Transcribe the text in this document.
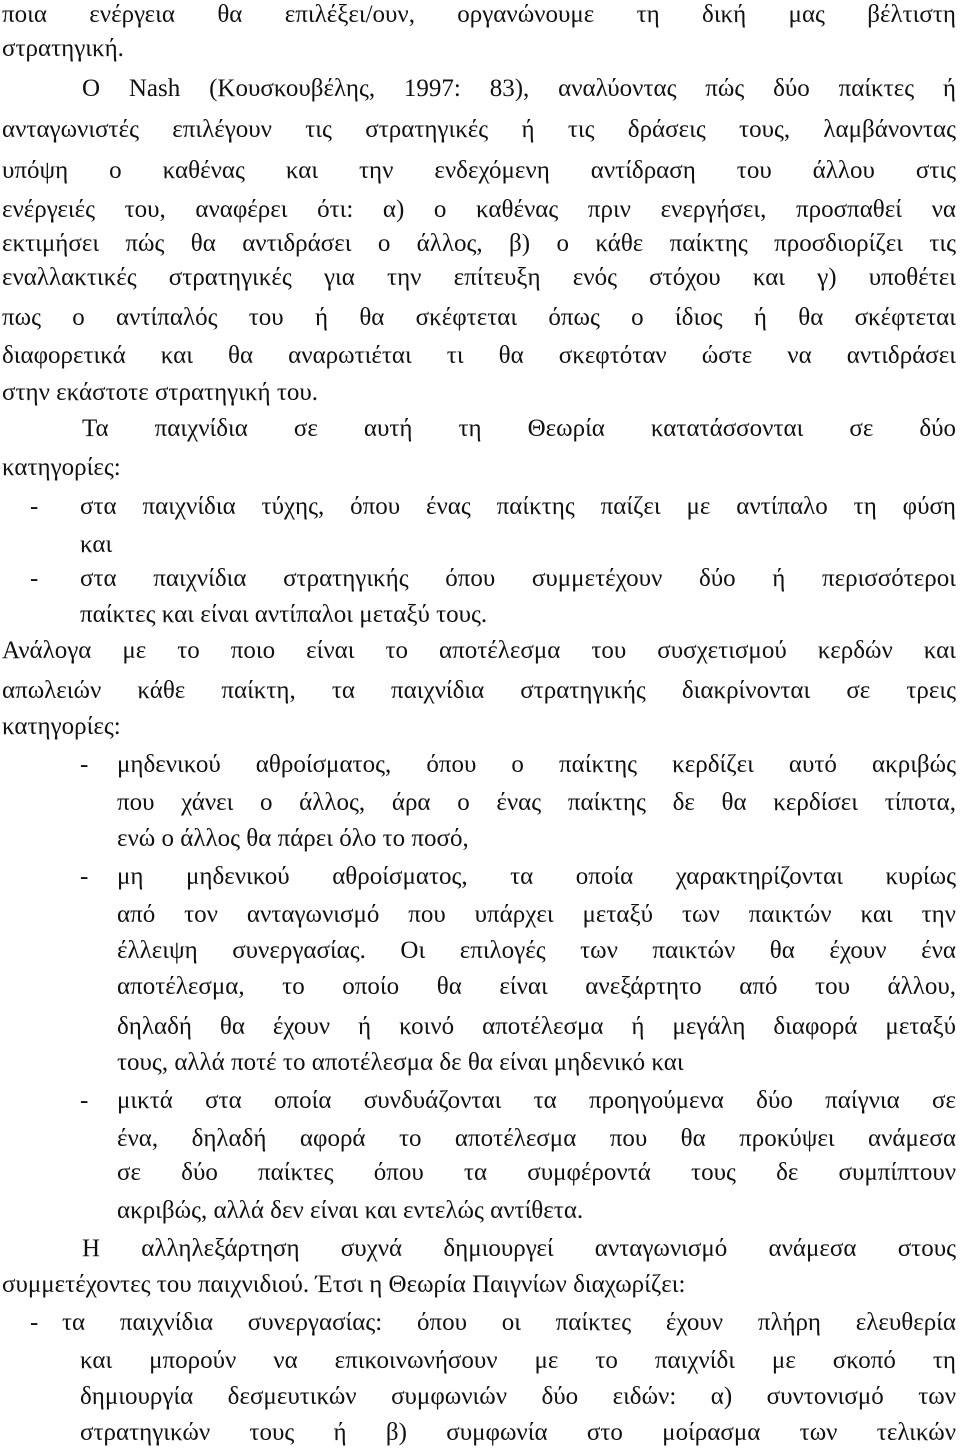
ποια ενέργεια θα επιλέξει/ουν, οργανώνουμε τη δική μας βέλτιστη
στρατηγική.
Ο Nash (Κουσκουβέλης, 1997: 83), αναλύοντας πώς δύο παίκτες ή
ανταγωνιστές επιλέγουν τις στρατηγικές ή τις δράσεις τους, λαμβάνοντας
υπόψη ο καθένας και την ενδεχόμενη αντίδραση του άλλου στις
ενέργειές του, αναφέρει ότι: α) ο καθένας πριν ενεργήσει, προσπαθεί να
εκτιμήσει πώς θα αντιδράσει ο άλλος, β) ο κάθε παίκτης προσδιορίζει τις
εναλλακτικές στρατηγικές για την επίτευξη ενός στόχου και γ) υποθέτει
πως ο αντίπαλός του ή θα σκέφτεται όπως ο ίδιος ή θα σκέφτεται
διαφορετικά και θα αναρωτιέται τι θα σκεφτόταν ώστε να αντιδράσει
στην εκάστοτε στρατηγική του.
Τα παιχνίδια σε αυτή τη Θεωρία κατατάσσονται σε δύο
κατηγορίες:
- στα παιχνίδια τύχης, όπου ένας παίκτης παίζει με αντίπαλο τη φύση
και
- στα παιχνίδια στρατηγικής όπου συμμετέχουν δύο ή περισσότεροι
παίκτες και είναι αντίπαλοι μεταξύ τους.
Ανάλογα με το ποιο είναι το αποτέλεσμα του συσχετισμού κερδών και
απωλειών κάθε παίκτη, τα παιχνίδια στρατηγικής διακρίνονται σε τρεις
κατηγορίες:
- μηδενικού αθροίσματος, όπου ο παίκτης κερδίζει αυτό ακριβώς
που χάνει ο άλλος, άρα ο ένας παίκτης δε θα κερδίσει τίποτα,
ενώ ο άλλος θα πάρει όλο το ποσό,
- μη μηδενικού αθροίσματος, τα οποία χαρακτηρίζονται κυρίως
από τον ανταγωνισμό που υπάρχει μεταξύ των παικτών και την
έλλειψη συνεργασίας. Οι επιλογές των παικτών θα έχουν ένα
αποτέλεσμα, το οποίο θα είναι ανεξάρτητο από του άλλου,
δηλαδή θα έχουν ή κοινό αποτέλεσμα ή μεγάλη διαφορά μεταξύ
τους, αλλά ποτέ το αποτέλεσμα δε θα είναι μηδενικό και
- μικτά στα οποία συνδυάζονται τα προηγούμενα δύο παίγνια σε
ένα, δηλαδή αφορά το αποτέλεσμα που θα προκύψει ανάμεσα
σε δύο παίκτες όπου τα συμφέροντά τους δε συμπίπτουν
ακριβώς, αλλά δεν είναι και εντελώς αντίθετα.
Η αλληλεξάρτηση συχνά δημιουργεί ανταγωνισμό ανάμεσα στους
συμμετέχοντες του παιχνιδιού. Έτσι η Θεωρία Παιγνίων διαχωρίζει:
- τα παιχνίδια συνεργασίας: όπου οι παίκτες έχουν πλήρη ελευθερία
και μπορούν να επικοινωνήσουν με το παιχνίδι με σκοπό τη
δημιουργία δεσμευτικών συμφωνιών δύο ειδών: α) συντονισμό των
στρατηγικών τους ή β) συμφωνία στο μοίρασμα των τελικών
